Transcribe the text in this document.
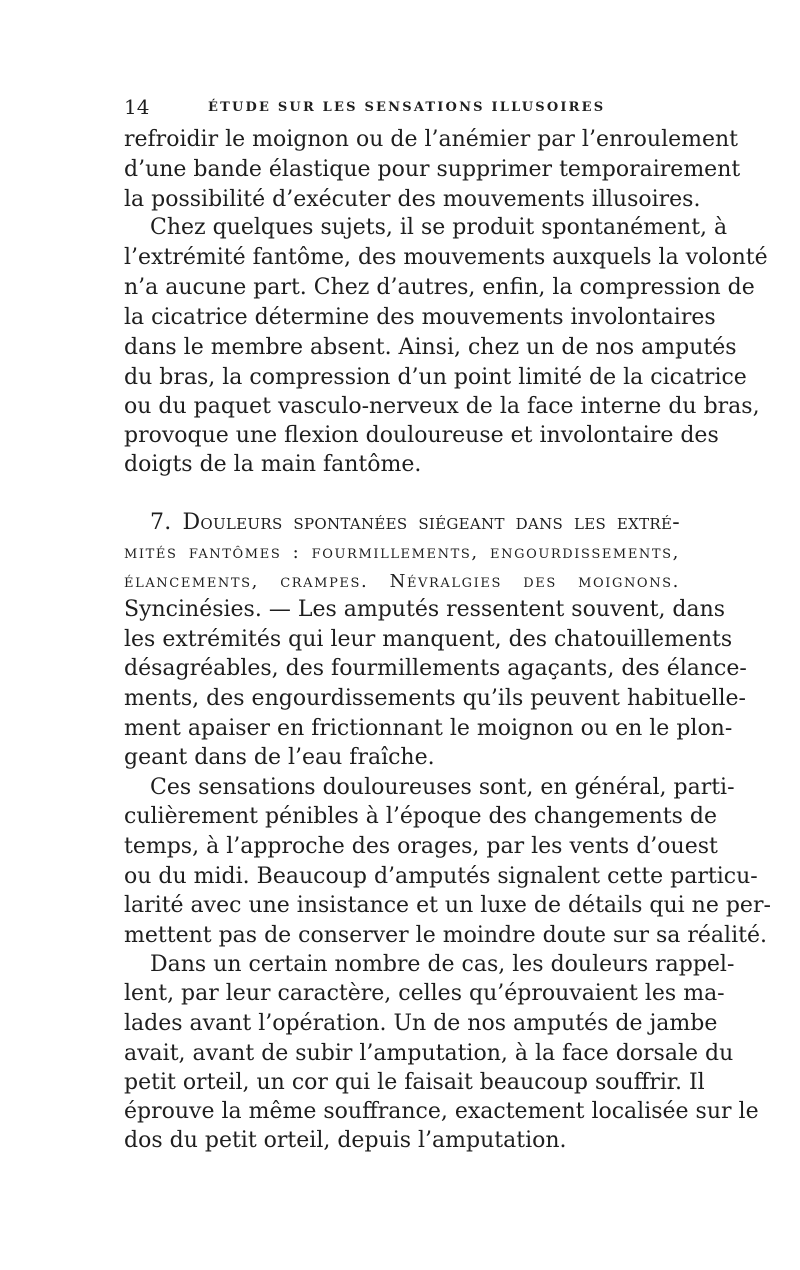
14	ÉTUDE SUR LES SENSATIONS ILLUSOIRES
refroidir le moignon ou de l’anémier par l’enroulement
d’une bande élastique pour supprimer temporairement
la possibilité d’exécuter des mouvements illusoires.
Chez quelques sujets, il se produit spontanément, à
l’extrémité fantôme, des mouvements auxquels la volonté
n’a aucune part. Chez d’autres, enfin, la compression de
la cicatrice détermine des mouvements involontaires
dans le membre absent. Ainsi, chez un de nos amputés
du bras, la compression d’un point limité de la cicatrice
ou du paquet vasculo-nerveux de la face interne du bras,
provoque une flexion douloureuse et involontaire des
doigts de la main fantôme.
7. Douleurs spontanées siégeant dans les extré-
mités fantômes : fourmillements, engourdissements,
élancements, crampes. Névralgies des moignons.
Syncinésies. — Les amputés ressentent souvent, dans
les extrémités qui leur manquent, des chatouillements
désagréables, des fourmillements agaçants, des élance-
ments, des engourdissements qu’ils peuvent habituelle-
ment apaiser en frictionnant le moignon ou en le plon-
geant dans de l’eau fraîche.
Ces sensations douloureuses sont, en général, parti-
culièrement pénibles à l’époque des changements de
temps, à l’approche des orages, par les vents d’ouest
ou du midi. Beaucoup d’amputés signalent cette particu-
larité avec une insistance et un luxe de détails qui ne per-
mettent pas de conserver le moindre doute sur sa réalité.
Dans un certain nombre de cas, les douleurs rappel-
lent, par leur caractère, celles qu’éprouvaient les ma-
lades avant l’opération. Un de nos amputés de jambe
avait, avant de subir l’amputation, à la face dorsale du
petit orteil, un cor qui le faisait beaucoup souffrir. Il
éprouve la même souffrance, exactement localisée sur le
dos du petit orteil, depuis l’amputation.
